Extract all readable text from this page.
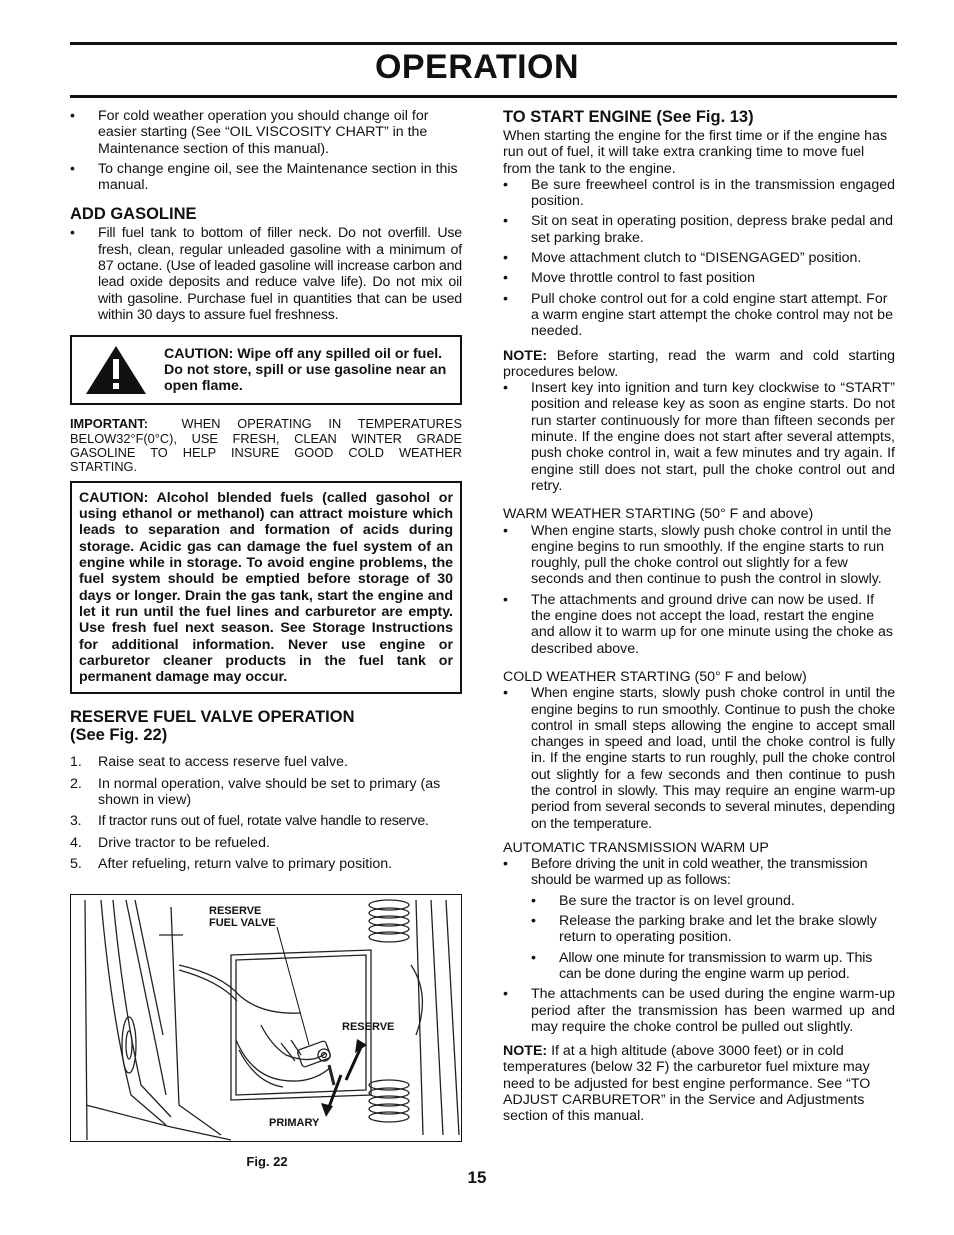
OPERATION
• For cold weather operation you should change oil for easier starting (See “OIL VISCOSITY CHART” in the Maintenance section of this manual).
• To change engine oil, see the Maintenance section in this manual.
ADD GASOLINE
• Fill fuel tank to bottom of filler neck. Do not overfill. Use fresh, clean, regular unleaded gasoline with a minimum of 87 octane. (Use of leaded gasoline will increase carbon and lead oxide deposits and reduce valve life). Do not mix oil with gasoline. Purchase fuel in quantities that can be used within 30 days to assure fuel freshness.
CAUTION: Wipe off any spilled oil or fuel. Do not store, spill or use gasoline near an open flame.
IMPORTANT:	WHEN OPERATING IN TEMPERATURES BELOW32°F(0°C), USE FRESH, CLEAN WINTER GRADE GASOLINE TO HELP INSURE GOOD COLD WEATHER STARTING.
CAUTION: Alcohol blended fuels (called gasohol or using ethanol or methanol) can attract moisture which leads to separation and formation of acids during storage. Acidic gas can damage the fuel system of an engine while in storage. To avoid engine problems, the fuel system should be emptied before storage of 30 days or longer. Drain the gas tank, start the engine and let it run until the fuel lines and carburetor are empty. Use fresh fuel next season. See Storage Instructions for additional information. Never use engine or carburetor cleaner products in the fuel tank or permanent damage may occur.
RESERVE FUEL VALVE OPERATION
(See Fig. 22)
1. Raise seat to access reserve fuel valve.
2. In normal operation, valve should be set to primary (as shown in view)
3. If tractor runs out of fuel, rotate valve handle to reserve.
4. Drive tractor to be refueled.
5. After refueling, return valve to primary position.
RESERVE
FUEL VALVE
RESERVE
PRIMARY
Fig. 22
TO START ENGINE (See Fig. 13)
When starting the engine for the first time or if the engine has run out of fuel, it will take extra cranking time to move fuel from the tank to the engine.
• Be sure freewheel control is in the transmission engaged position.
• Sit on seat in operating position, depress brake pedal and set parking brake.
• Move attachment clutch to “DISENGAGED” position.
• Move throttle control to fast position
• Pull choke control out for a cold engine start attempt. For a warm engine start attempt the choke control may not be needed.
NOTE: Before starting, read the warm and cold starting procedures below.
• Insert key into ignition and turn key clockwise to “START” position and release key as soon as engine starts. Do not run starter continuously for more than fifteen seconds per minute. If the engine does not start after several attempts, push choke control in, wait a few minutes and try again. If engine still does not start, pull the choke control out and retry.
WARM WEATHER STARTING (50° F and above)
• When engine starts, slowly push choke control in until the engine begins to run smoothly. If the engine starts to run roughly, pull the choke control out slightly for a few seconds and then continue to push the control in slowly.
• The attachments and ground drive can now be used. If the engine does not accept the load, restart the engine and allow it to warm up for one minute using the choke as described above.
COLD WEATHER STARTING (50° F and below)
• When engine starts, slowly push choke control in until the engine begins to run smoothly. Continue to push the choke control in small steps allowing the engine to accept small changes in speed and load, until the choke control is fully in. If the engine starts to run roughly, pull the choke control out slightly for a few seconds and then continue to push the control in slowly. This may require an engine warm-up period from several seconds to several minutes, depending on the temperature.
AUTOMATIC TRANSMISSION WARM UP
• Before driving the unit in cold weather, the transmission should be warmed up as follows:
• Be sure the tractor is on level ground.
• Release the parking brake and let the brake slowly return to operating position.
• Allow one minute for transmission to warm up. This can be done during the engine warm up period.
• The attachments can be used during the engine warm-up period after the transmission has been warmed up and may require the choke control be pulled out slightly.
NOTE: If at a high altitude (above 3000 feet) or in cold temperatures (below 32 F) the carburetor fuel mixture may need to be adjusted for best engine performance. See “TO ADJUST CARBURETOR” in the Service and Adjustments section of this manual.
15
